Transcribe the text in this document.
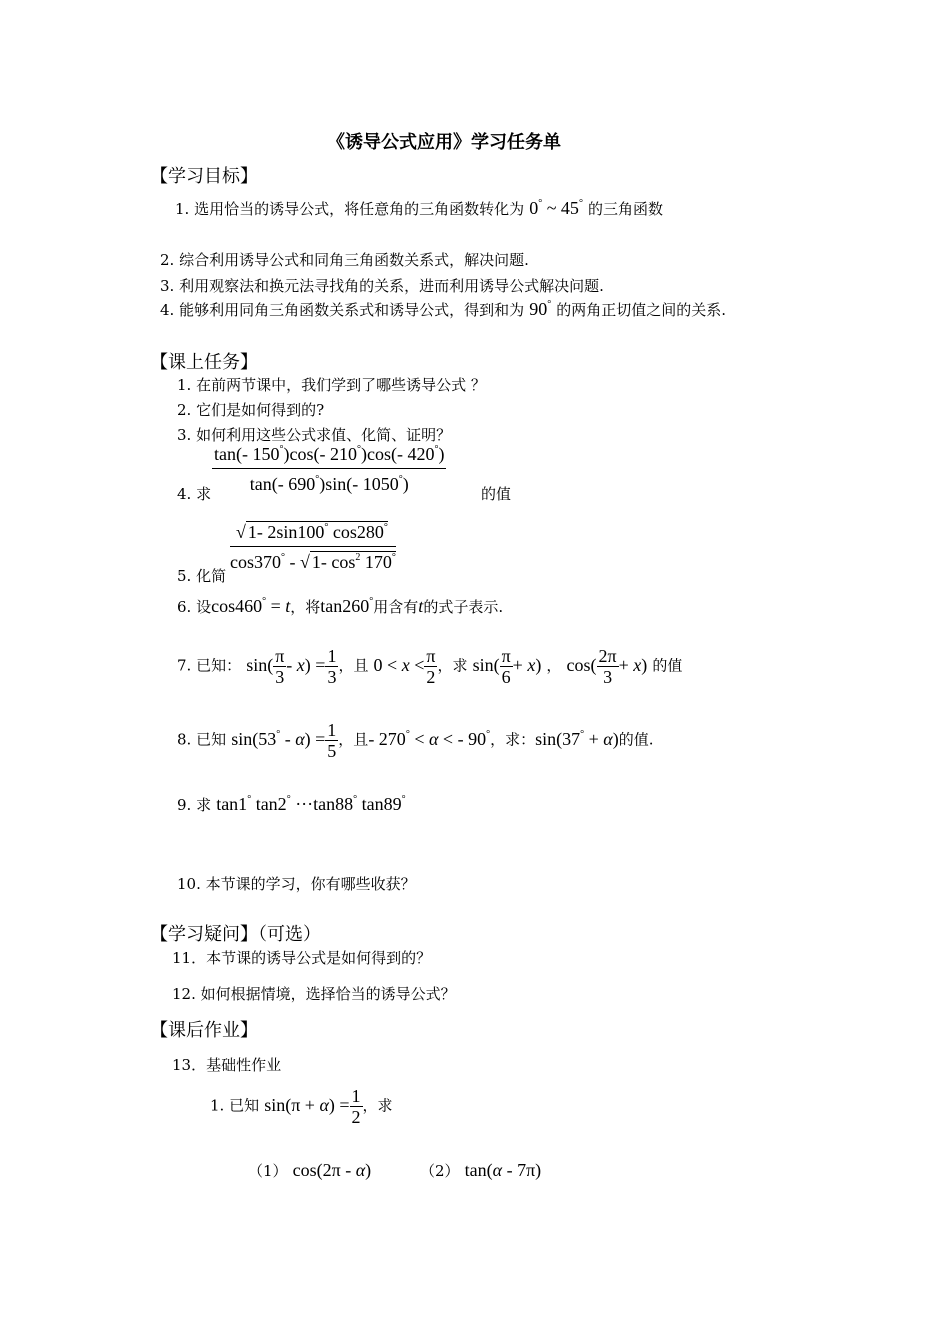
《诱导公式应用》学习任务单
【学习目标】
1. 选用恰当的诱导公式，将任意角的三角函数转化为 0° ~ 45° 的三角函数
2. 综合利用诱导公式和同角三角函数关系式，解决问题.
3. 利用观察法和换元法寻找角的关系，进而利用诱导公式解决问题.
4. 能够利用同角三角函数关系式和诱导公式，得到和为 90° 的两角正切值之间的关系.
【课上任务】
1. 在前两节课中，我们学到了哪些诱导公式 ？
2. 它们是如何得到的?
3. 如何利用这些公式求值、化简、证明？
4. 求 $\frac{\tan(- 150^\circ)\cos(- 210^\circ)\cos(- 420^\circ)}{\tan(- 690^\circ)\sin(- 1050^\circ)}$ 的值
5. 化简
$\frac{√ 1- 2\sin 100^\circ \cos 280^\circ}{\cos 370^\circ - √ 1- \cos^2 170^\circ}$
6. 设cos460° = t，将tan260°用含有t的式子表示.
7. 已知： $\sin( \frac{\pi}{3} - x) = \frac{1}{3}$ ，且 $0 < x < \frac{\pi}{2}$ ，求 $\sin( \frac{\pi}{6} + x)$ ， $\cos( \frac{2\pi}{3} + x)$ 的值
8. 已知 $\sin(53^\circ - \alpha) = \frac{1}{5}$ ，且- 270° < α < - 90°，求：sin(37° + α)的值.
9. 求 tan1° tan2° ···tan88° tan89°
10. 本节课的学习，你有哪些收获？
【学习疑问】（可选）
11．本节课的诱导公式是如何得到的？
12. 如何根据情境，选择恰当的诱导公式？
【课后作业】
13．基础性作业
1. 已知 $\sin(\pi + \alpha) = \frac{1}{2}$ ，求
（1） cos(2π - α)	（2） tan(α - 7π)
